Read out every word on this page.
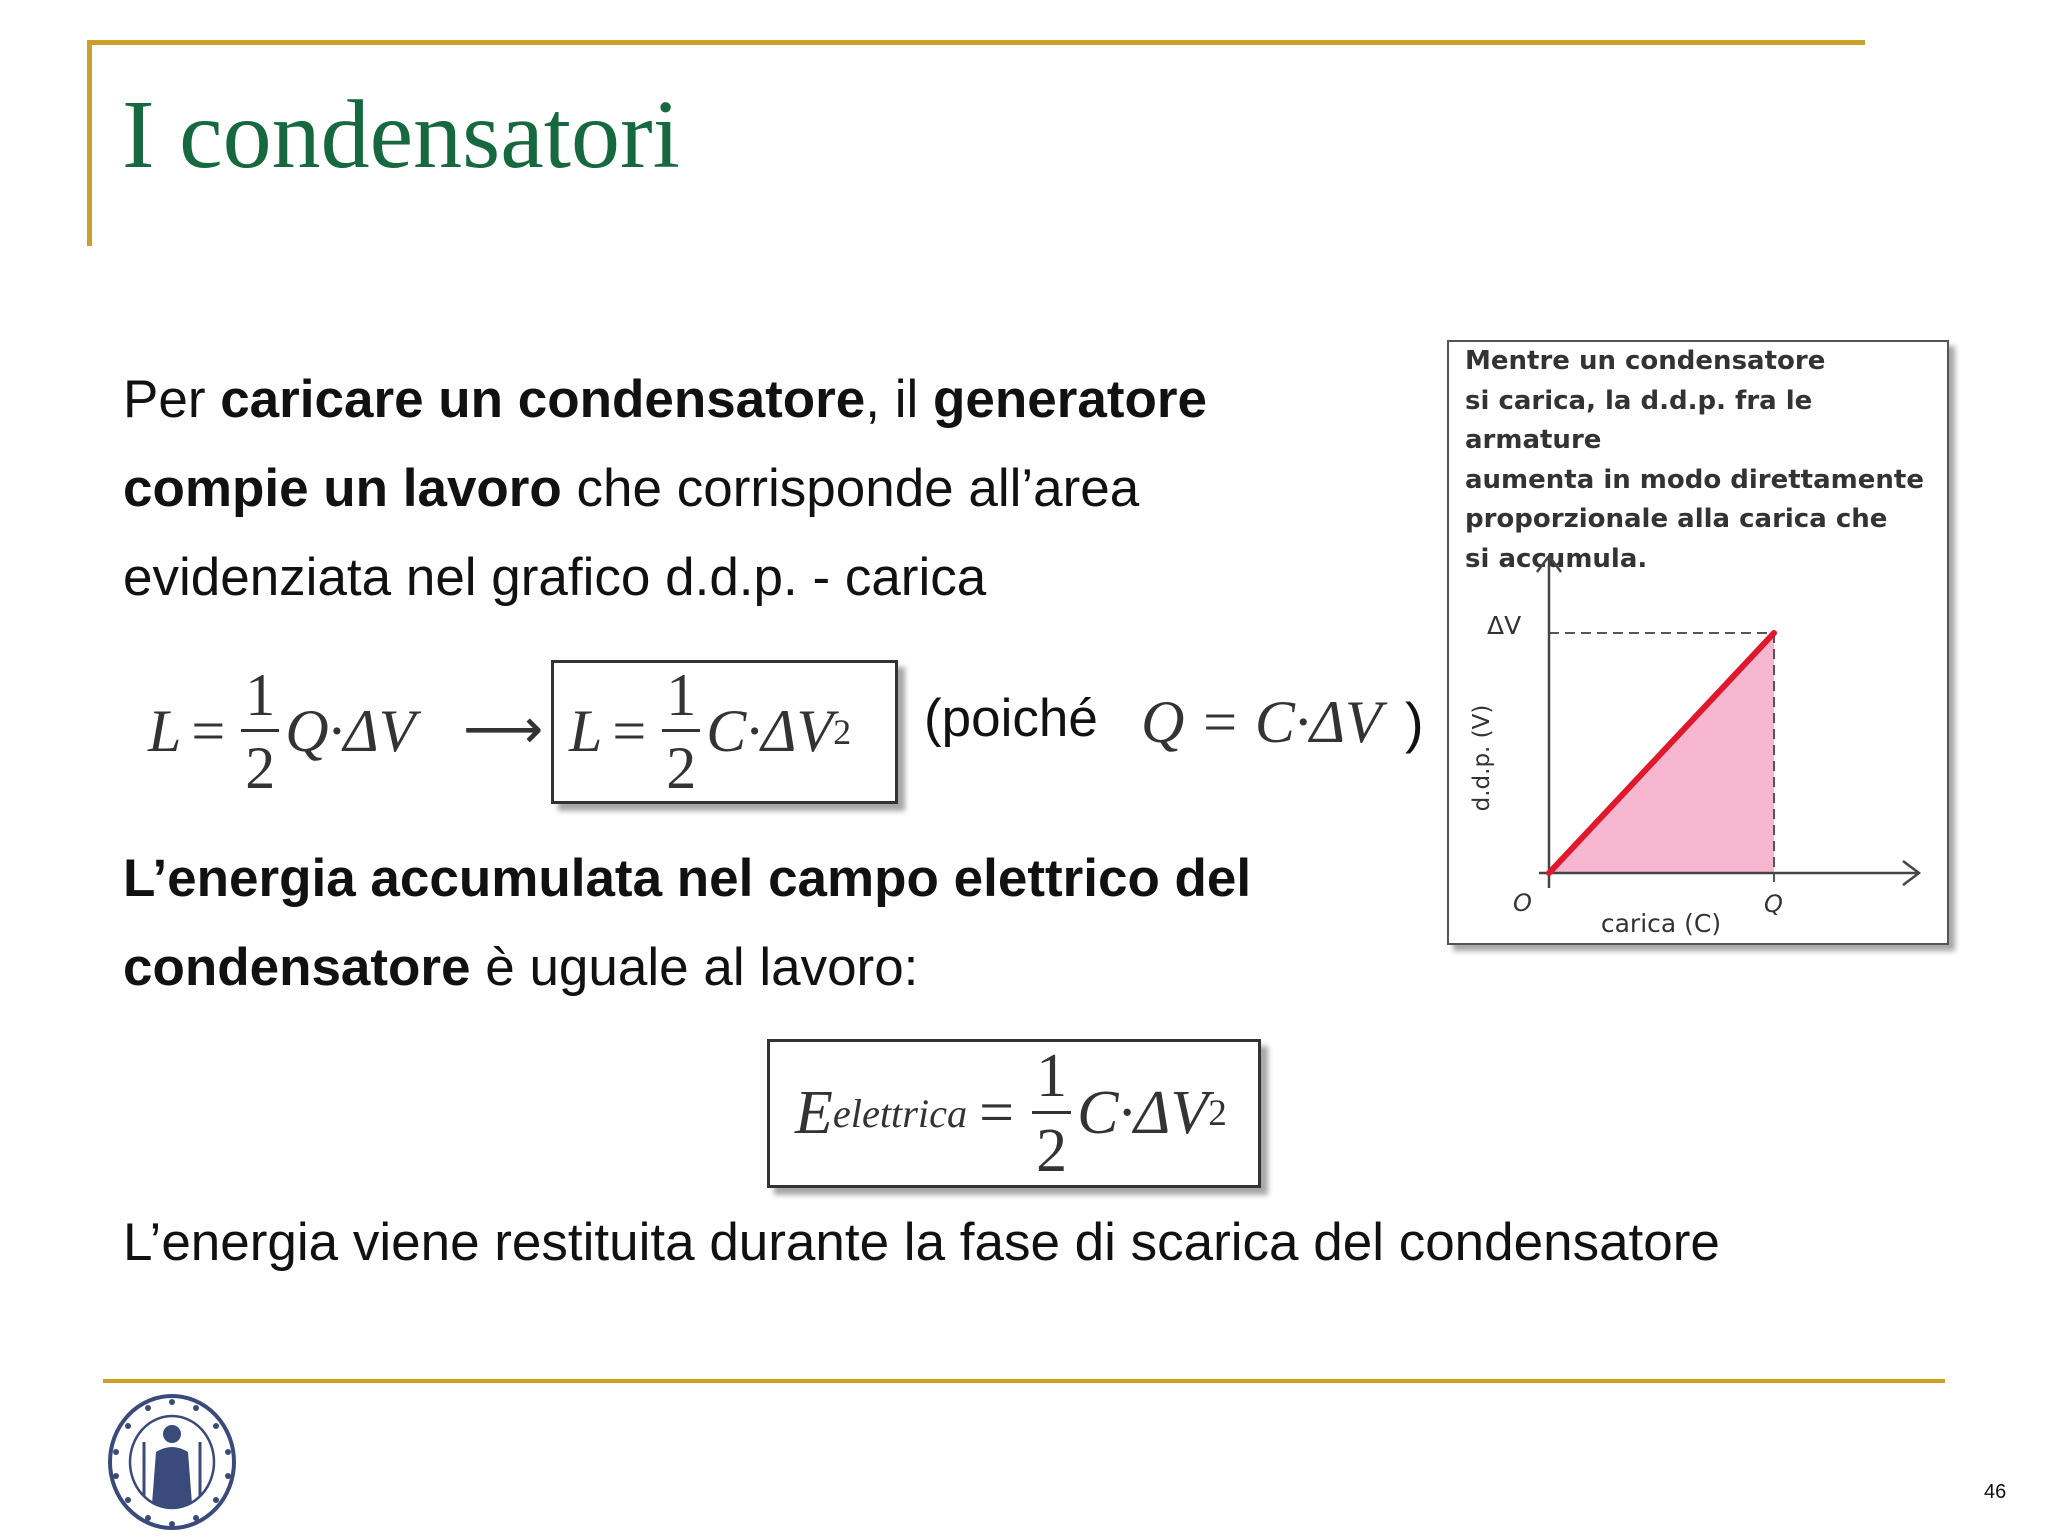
I condensatori

Per caricare un condensatore, il generatore
compie un lavoro che corrisponde all’area
evidenziata nel grafico d.d.p. - carica

$L = \frac{1}{2} Q\cdot\Delta V$ ⟶ $L = \frac{1}{2} C\cdot\Delta V$ 2 (poiché Q = C·ΔV )

L’energia accumulata nel campo elettrico del
condensatore è uguale al lavoro:

E elettrica = $\frac{1}{2} C\cdot\Delta V$ 2

L’energia viene restituita durante la fase di scarica del condensatore

Mentre un condensatore
si carica, la d.d.p. fra le armature
aumenta in modo direttamente
proporzionale alla carica che
si accumula.

ΔV
d.d.p. (V)
O	Q
carica (C)
46
